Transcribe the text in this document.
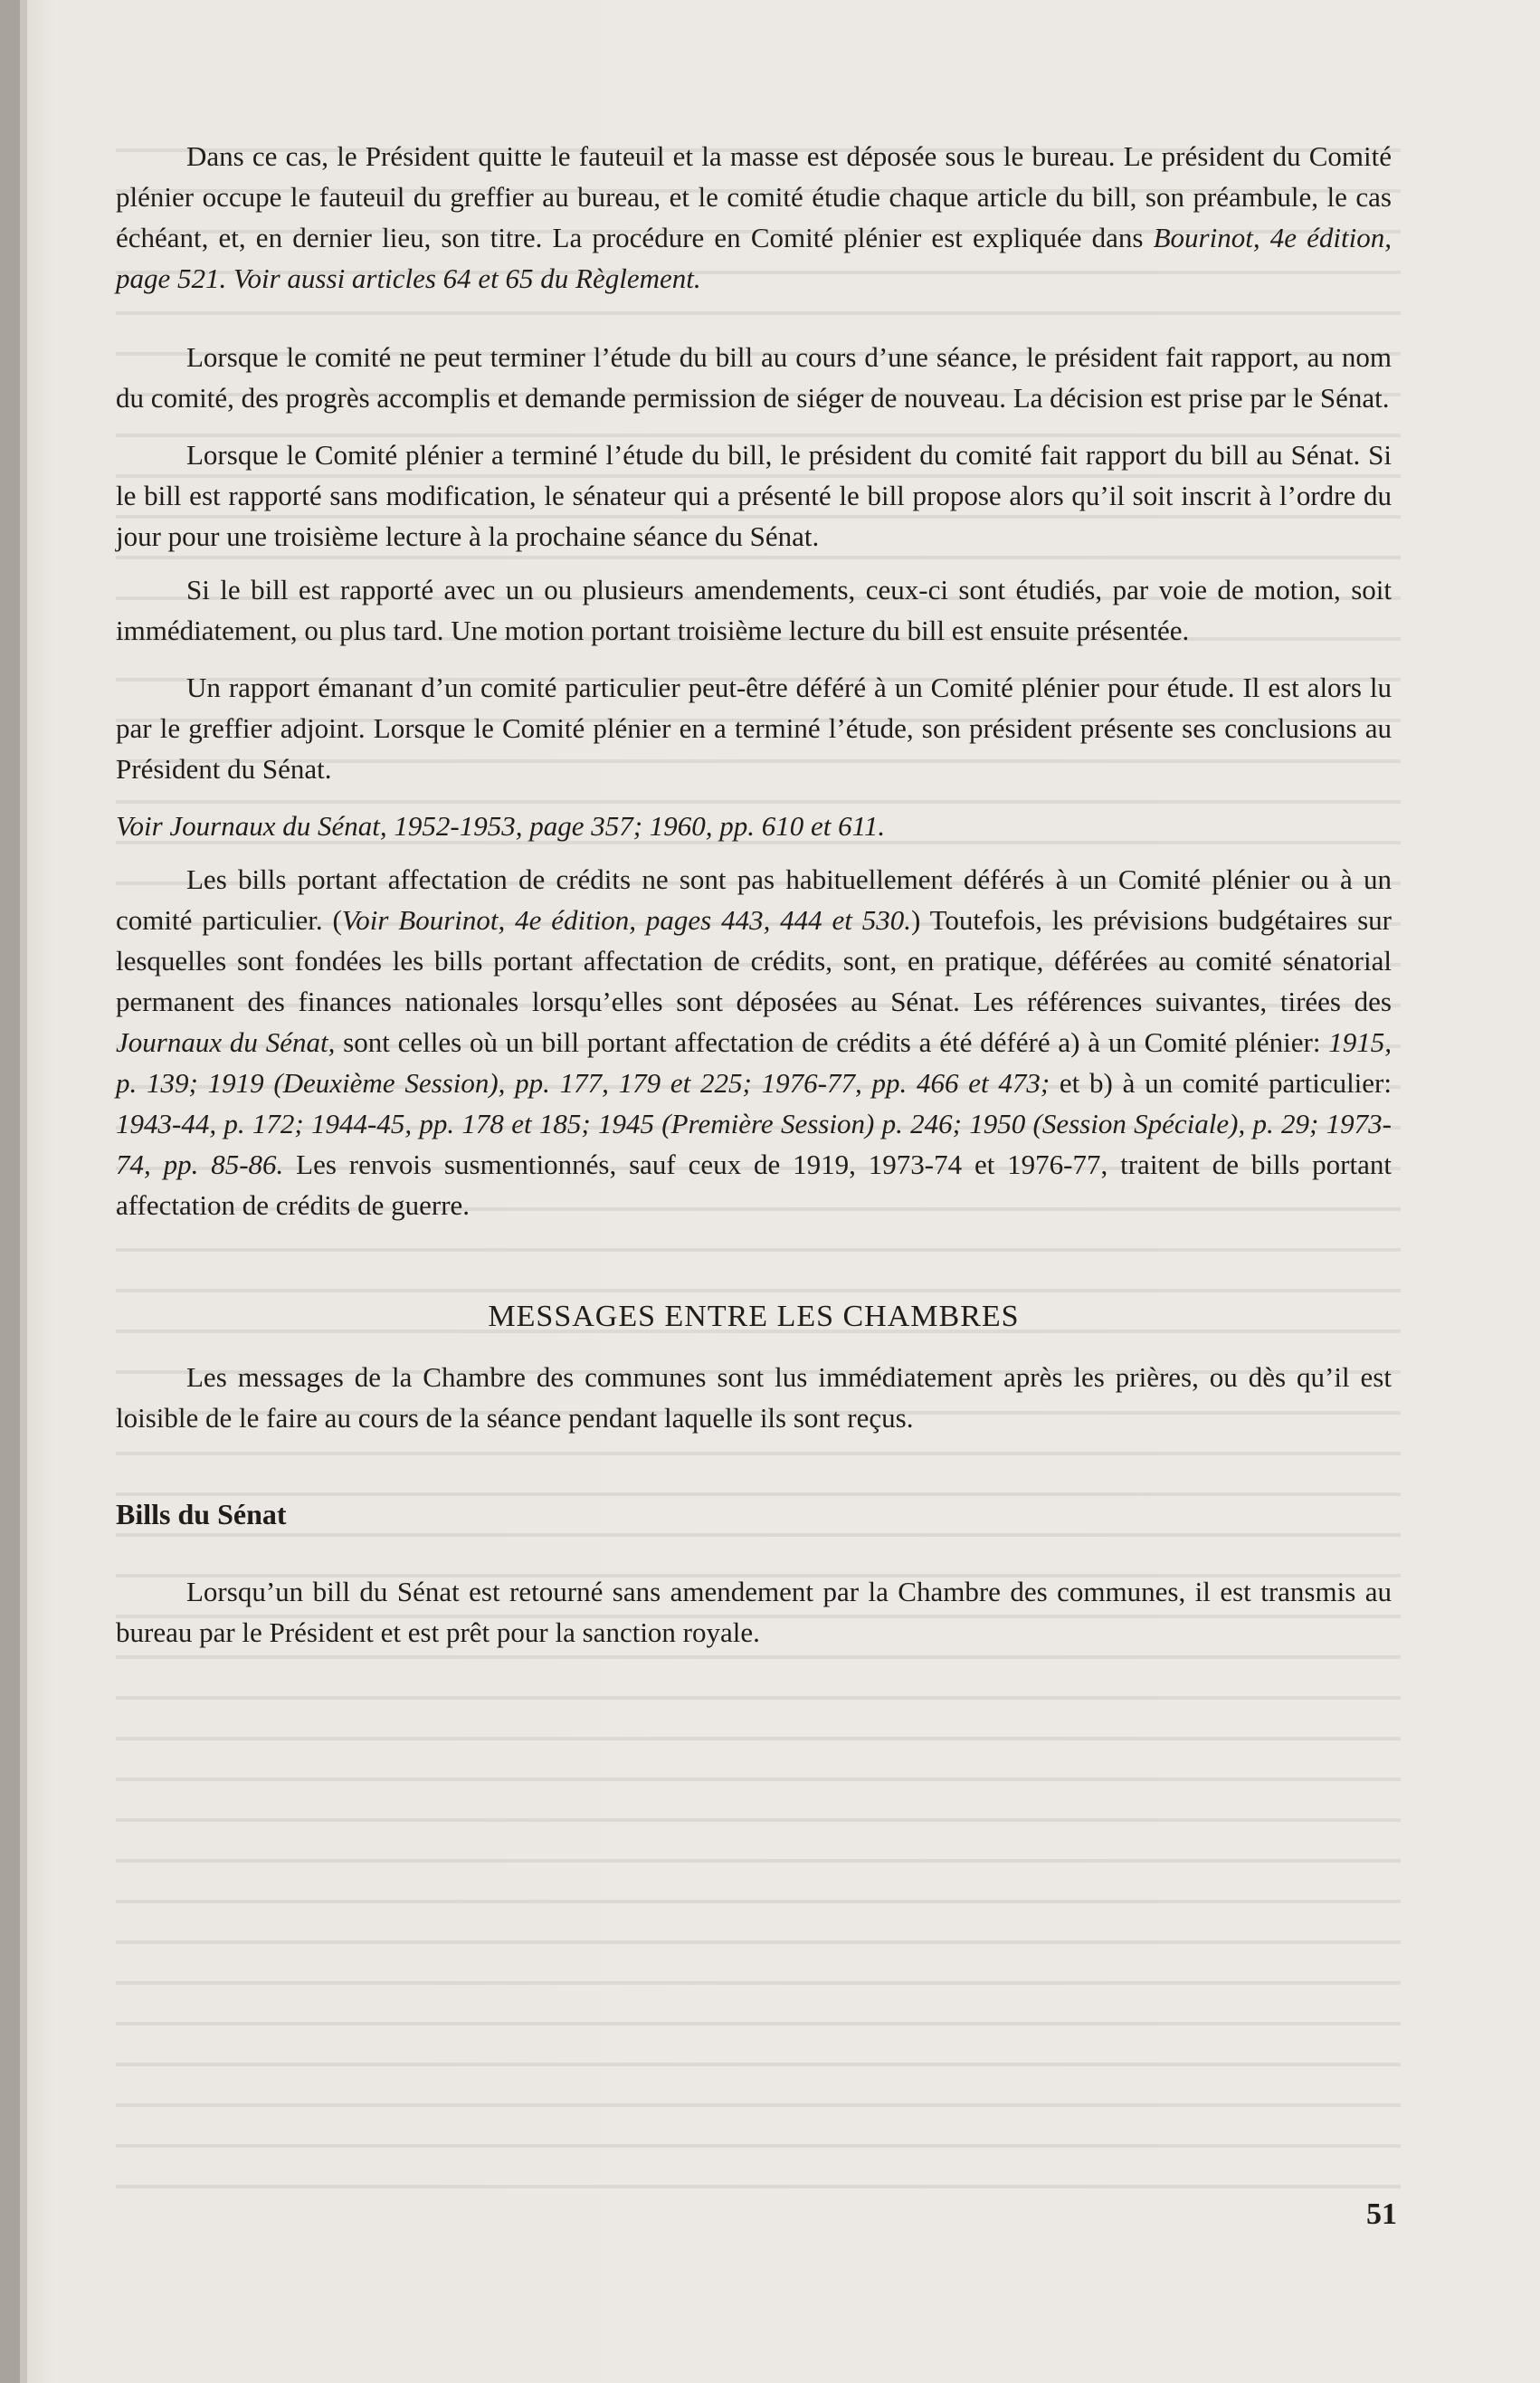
Dans ce cas, le Président quitte le fauteuil et la masse est déposée sous le bureau. Le président du Comité plénier occupe le fauteuil du greffier au bureau, et le comité étudie chaque article du bill, son préambule, le cas échéant, et, en dernier lieu, son titre. La procédure en Comité plénier est expliquée dans Bourinot, 4e édition, page 521. Voir aussi articles 64 et 65 du Règlement.

Lorsque le comité ne peut terminer l’étude du bill au cours d’une séance, le président fait rapport, au nom du comité, des progrès accomplis et demande permission de siéger de nouveau. La décision est prise par le Sénat.

Lorsque le Comité plénier a terminé l’étude du bill, le président du comité fait rapport du bill au Sénat. Si le bill est rapporté sans modification, le sénateur qui a présenté le bill propose alors qu’il soit inscrit à l’ordre du jour pour une troisième lecture à la prochaine séance du Sénat.

Si le bill est rapporté avec un ou plusieurs amendements, ceux-ci sont étudiés, par voie de motion, soit immédiatement, ou plus tard. Une motion portant troisième lecture du bill est ensuite présentée.

Un rapport émanant d’un comité particulier peut-être déféré à un Comité plénier pour étude. Il est alors lu par le greffier adjoint. Lorsque le Comité plénier en a terminé l’étude, son président présente ses conclusions au Président du Sénat.

Voir Journaux du Sénat, 1952-1953, page 357; 1960, pp. 610 et 611.

Les bills portant affectation de crédits ne sont pas habituellement déférés à un Comité plénier ou à un comité particulier. (Voir Bourinot, 4e édition, pages 443, 444 et 530.) Toutefois, les prévisions budgétaires sur lesquelles sont fondées les bills portant affectation de crédits, sont, en pratique, déférées au comité sénatorial permanent des finances nationales lorsqu’elles sont déposées au Sénat. Les références suivantes, tirées des Journaux du Sénat, sont celles où un bill portant affectation de crédits a été déféré a) à un Comité plénier: 1915, p. 139; 1919 (Deuxième Session), pp. 177, 179 et 225; 1976-77, pp. 466 et 473; et b) à un comité particulier: 1943-44, p. 172; 1944-45, pp. 178 et 185; 1945 (Première Session) p. 246; 1950 (Session Spéciale), p. 29; 1973-74, pp. 85-86. Les renvois susmentionnés, sauf ceux de 1919, 1973-74 et 1976-77, traitent de bills portant affectation de crédits de guerre.

MESSAGES ENTRE LES CHAMBRES

Les messages de la Chambre des communes sont lus immédiatement après les prières, ou dès qu’il est loisible de le faire au cours de la séance pendant laquelle ils sont reçus.

Bills du Sénat

Lorsqu’un bill du Sénat est retourné sans amendement par la Chambre des communes, il est transmis au bureau par le Président et est prêt pour la sanction royale.

51
